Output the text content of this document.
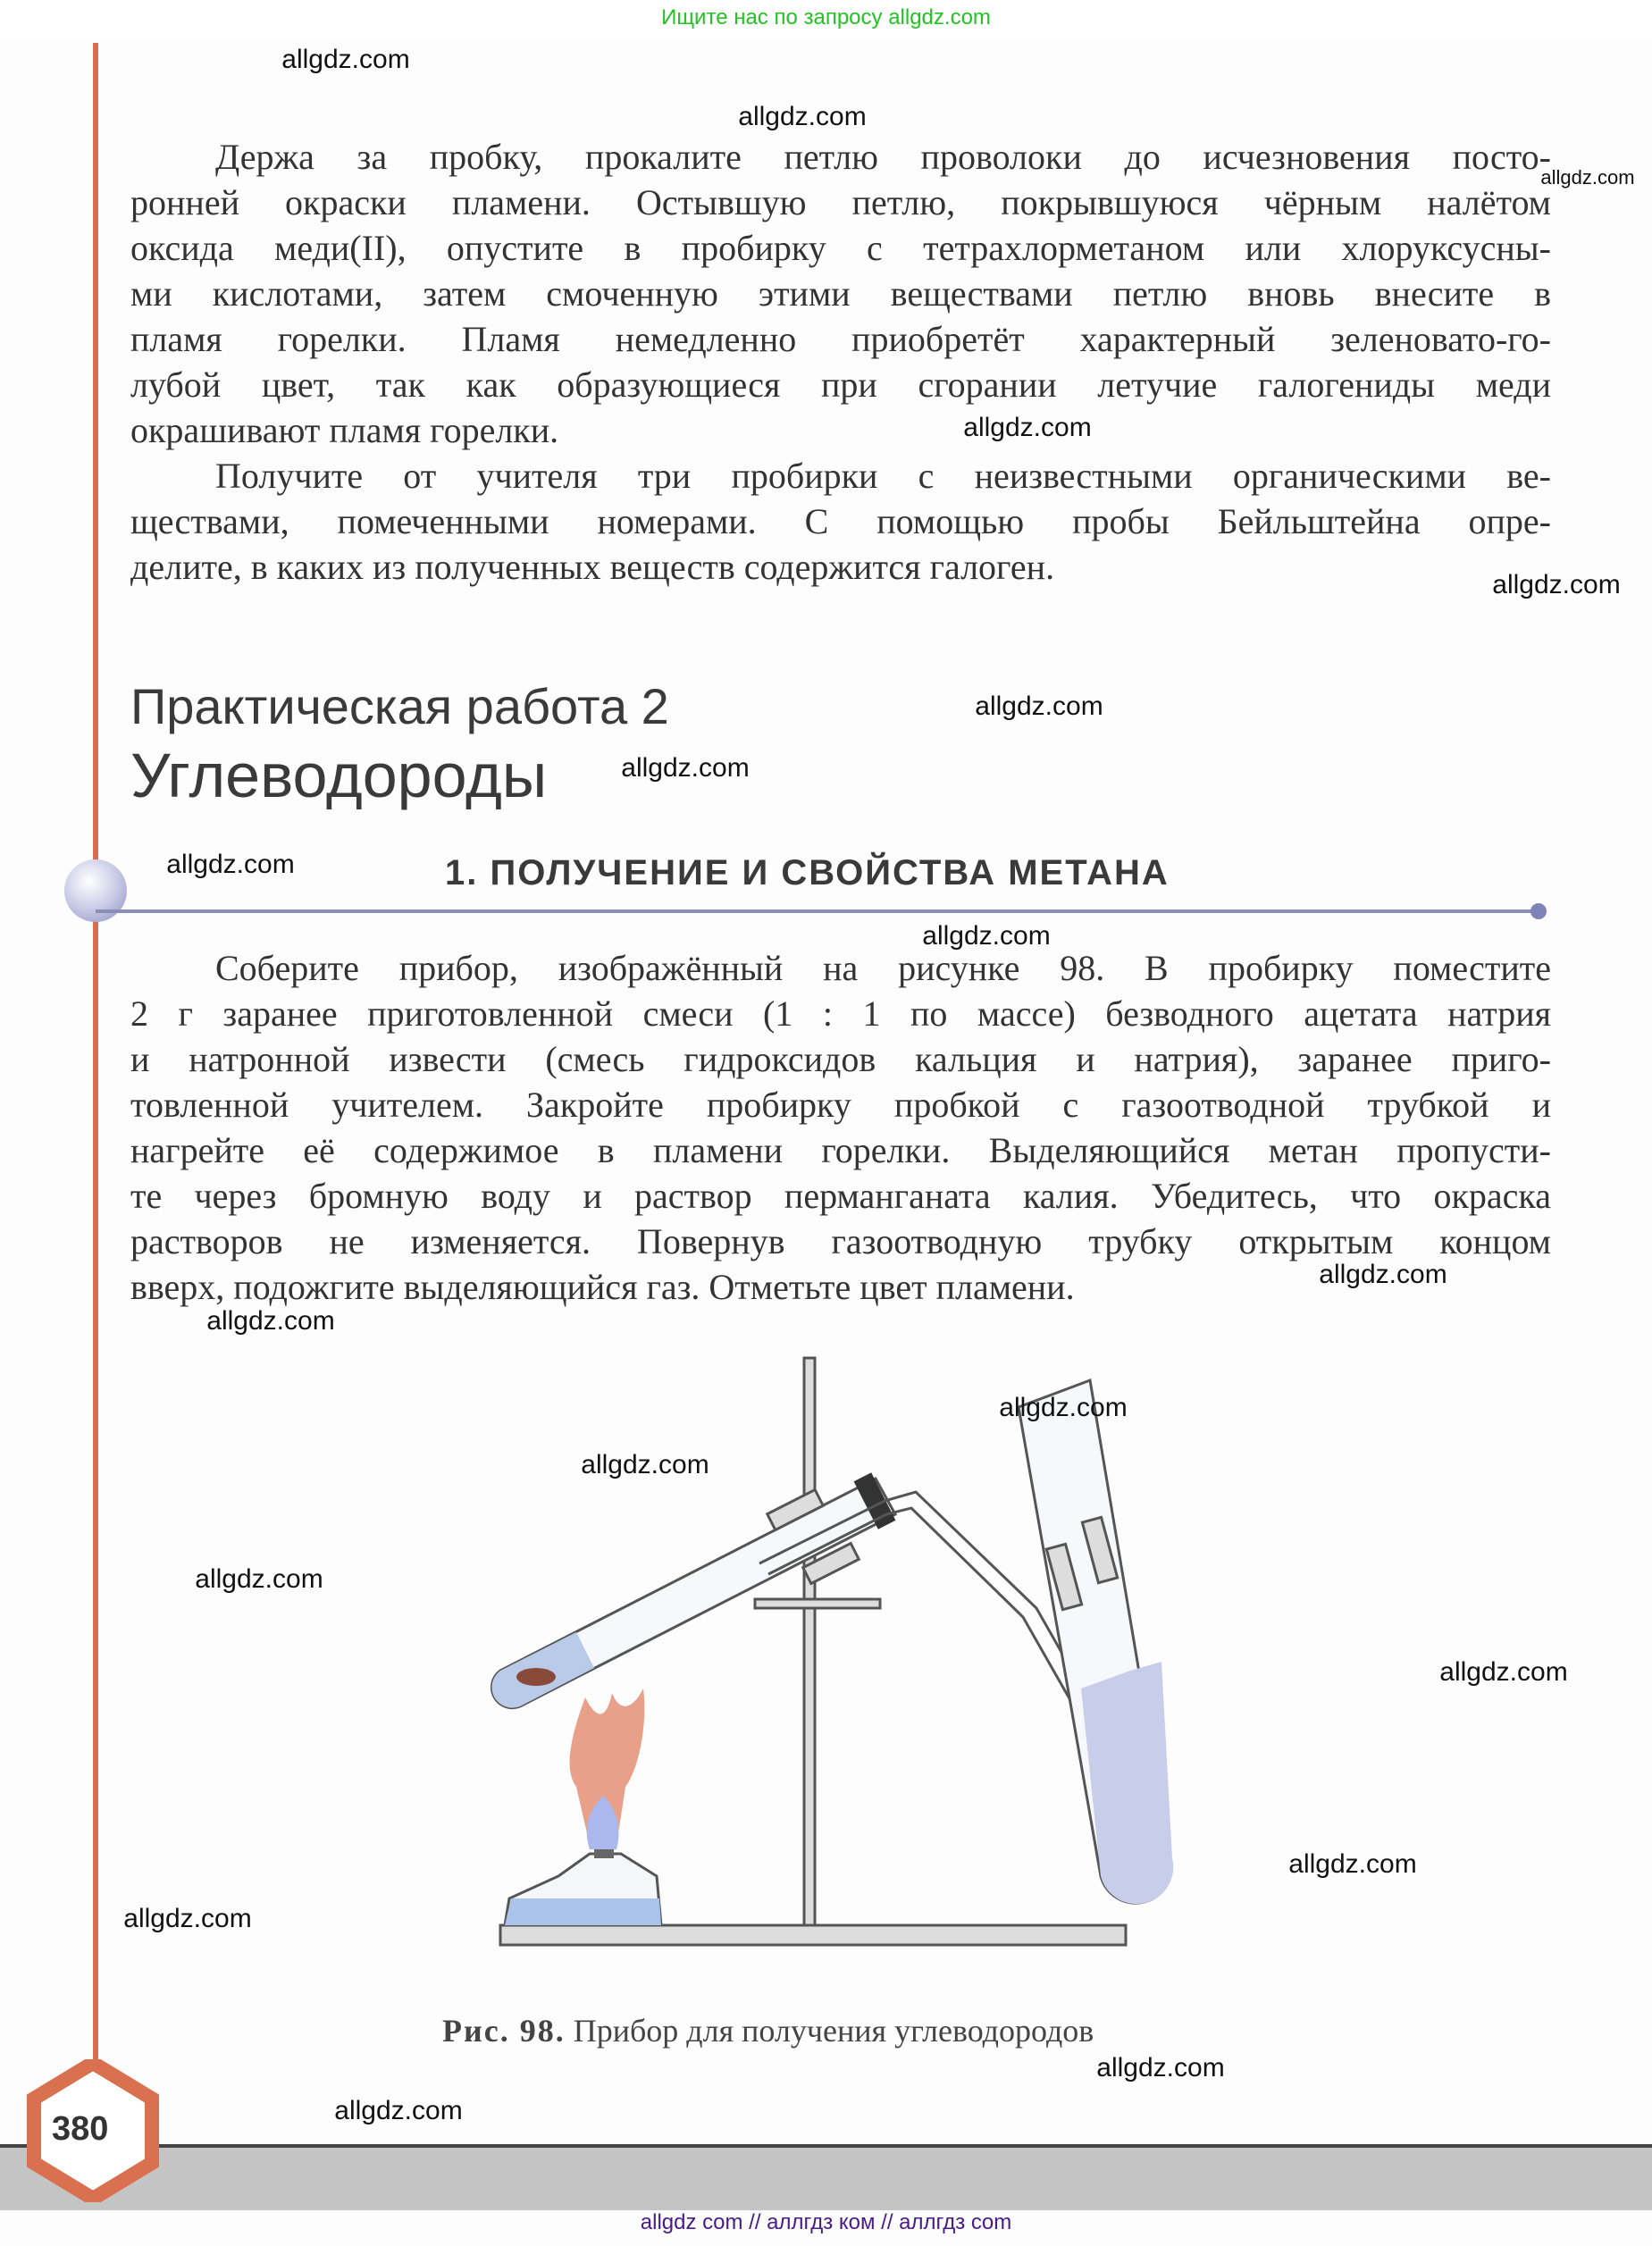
Ищите нас по запросу allgdz.com
Держа за пробку, прокалите петлю проволоки до исчезновения посто-
ронней окраски пламени. Остывшую петлю, покрывшуюся чёрным налётом
оксида меди(II), опустите в пробирку с тетрахлорметаном или хлоруксусны-
ми кислотами, затем смоченную этими веществами петлю вновь внесите в
пламя горелки. Пламя немедленно приобретёт характерный зеленовато-го-
лубой цвет, так как образующиеся при сгорании летучие галогениды меди
окрашивают пламя горелки.
Получите от учителя три пробирки с неизвестными органическими ве-
ществами, помеченными номерами. С помощью пробы Бейльштейна опре-
делите, в каких из полученных веществ содержится галоген.
Практическая работа 2
Углеводороды
1. ПОЛУЧЕНИЕ И СВОЙСТВА МЕТАНА
Соберите прибор, изображённый на рисунке 98. В пробирку поместите
2 г заранее приготовленной смеси (1 : 1 по массе) безводного ацетата натрия
и натронной извести (смесь гидроксидов кальция и натрия), заранее приго-
товленной учителем. Закройте пробирку пробкой с газоотводной трубкой и
нагрейте её содержимое в пламени горелки. Выделяющийся метан пропусти-
те через бромную воду и раствор перманганата калия. Убедитесь, что окраска
растворов не изменяется. Повернув газоотводную трубку открытым концом
вверх, подожгите выделяющийся газ. Отметьте цвет пламени.
Рис. 98. Прибор для получения углеводородов
380
allgdz com // аллгдз ком // аллгдз com
allgdz.com
allgdz.com
allgdz.com
allgdz.com
allgdz.com
allgdz.com
allgdz.com
allgdz.com
allgdz.com
allgdz.com
allgdz.com
allgdz.com
allgdz.com
allgdz.com
allgdz.com
allgdz.com
allgdz.com
allgdz.com
allgdz.com
